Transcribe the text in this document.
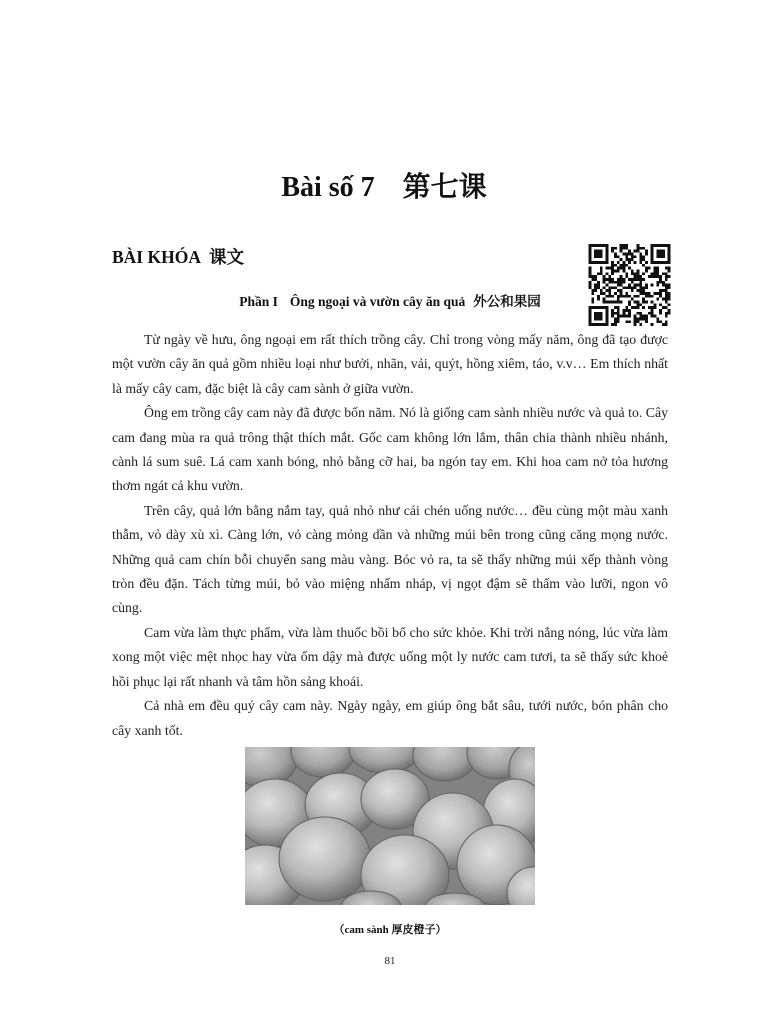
Bài số 7 第七课
BÀI KHÓA 课文
Phần I Ông ngoại và vườn cây ăn quả 外公和果园

Từ ngày về hưu, ông ngoại em rất thích trồng cây. Chỉ trong vòng mấy năm, ông đã tạo được một vườn cây ăn quả gồm nhiều loại như bưởi, nhãn, vải, quýt, hồng xiêm, táo, v.v… Em thích nhất là mấy cây cam, đặc biệt là cây cam sành ở giữa vườn.

Ông em trồng cây cam này đã được bốn năm. Nó là giống cam sành nhiều nước và quả to. Cây cam đang mùa ra quả trông thật thích mắt. Gốc cam không lớn lắm, thân chia thành nhiều nhánh, cành lá sum suê. Lá cam xanh bóng, nhỏ bằng cỡ hai, ba ngón tay em. Khi hoa cam nở tỏa hương thơm ngát cả khu vườn.

Trên cây, quả lớn bằng nắm tay, quả nhỏ như cái chén uống nước… đều cùng một màu xanh thẫm, vỏ dày xù xì. Càng lớn, vỏ càng mỏng dần và những múi bên trong cũng căng mọng nước. Những quả cam chín bỗi chuyển sang màu vàng. Bóc vỏ ra, ta sẽ thấy những múi xếp thành vòng tròn đều đặn. Tách từng múi, bỏ vào miệng nhấm nháp, vị ngọt đậm sẽ thấm vào lưỡi, ngon vô cùng.

Cam vừa làm thực phẩm, vừa làm thuốc bồi bổ cho sức khỏe. Khi trời nắng nóng, lúc vừa làm xong một việc mệt nhọc hay vừa ốm dậy mà được uống một ly nước cam tươi, ta sẽ thấy sức khoẻ hồi phục lại rất nhanh và tâm hồn sảng khoái.

Cả nhà em đều quý cây cam này. Ngày ngày, em giúp ông bắt sâu, tưới nước, bón phân cho cây xanh tốt.

（cam sành 厚皮橙子）
81
